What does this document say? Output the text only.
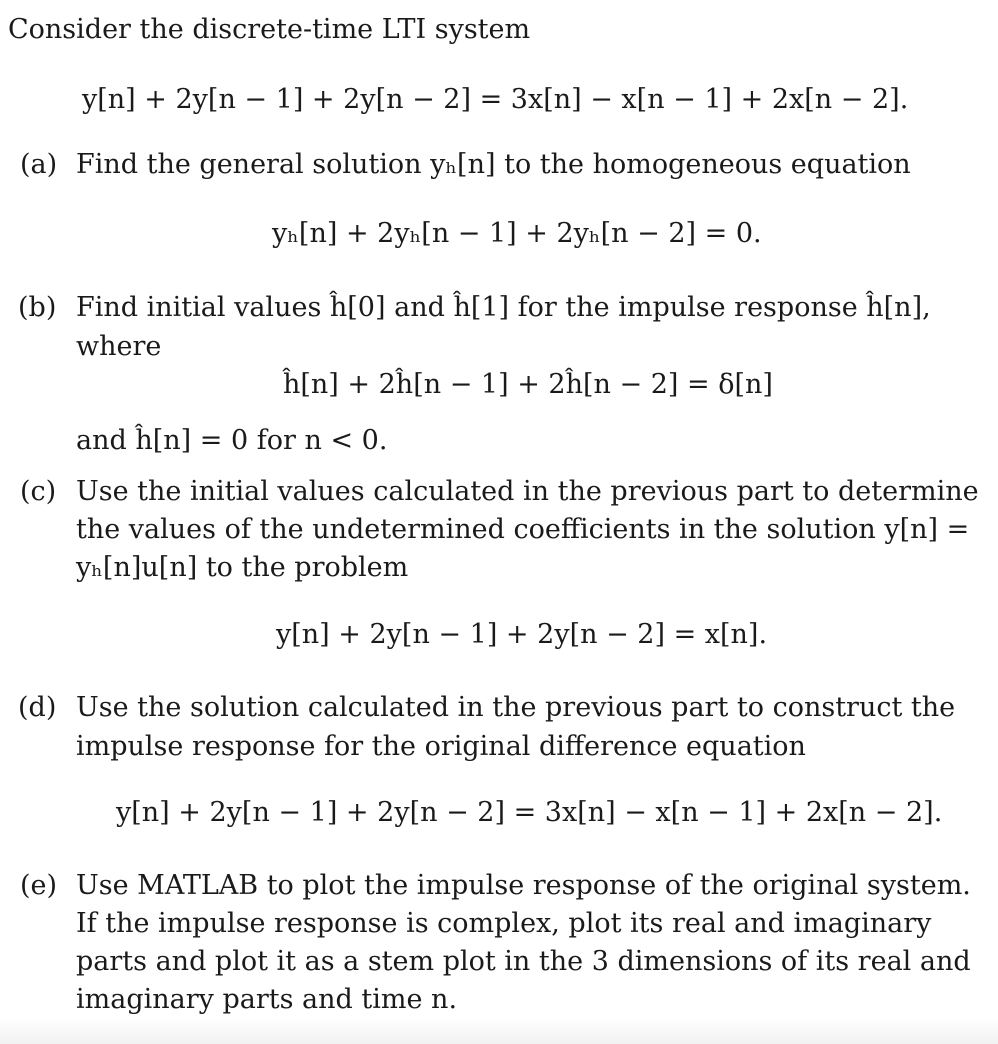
Consider the discrete-time LTI system
y[n] + 2y[n − 1] + 2y[n − 2] = 3x[n] − x[n − 1] + 2x[n − 2].
(a) Find the general solution yₕ[n] to the homogeneous equation
yₕ[n] + 2yₕ[n − 1] + 2yₕ[n − 2] = 0.
(b) Find initial values ĥ[0] and ĥ[1] for the impulse response ĥ[n],
where
ĥ[n] + 2ĥ[n − 1] + 2ĥ[n − 2] = δ[n]
and ĥ[n] = 0 for n < 0.
(c) Use the initial values calculated in the previous part to determine
the values of the undetermined coefficients in the solution y[n] =
yₕ[n]u[n] to the problem
y[n] + 2y[n − 1] + 2y[n − 2] = x[n].
(d) Use the solution calculated in the previous part to construct the
impulse response for the original difference equation
y[n] + 2y[n − 1] + 2y[n − 2] = 3x[n] − x[n − 1] + 2x[n − 2].
(e) Use MATLAB to plot the impulse response of the original system.
If the impulse response is complex, plot its real and imaginary
parts and plot it as a stem plot in the 3 dimensions of its real and
imaginary parts and time n.
